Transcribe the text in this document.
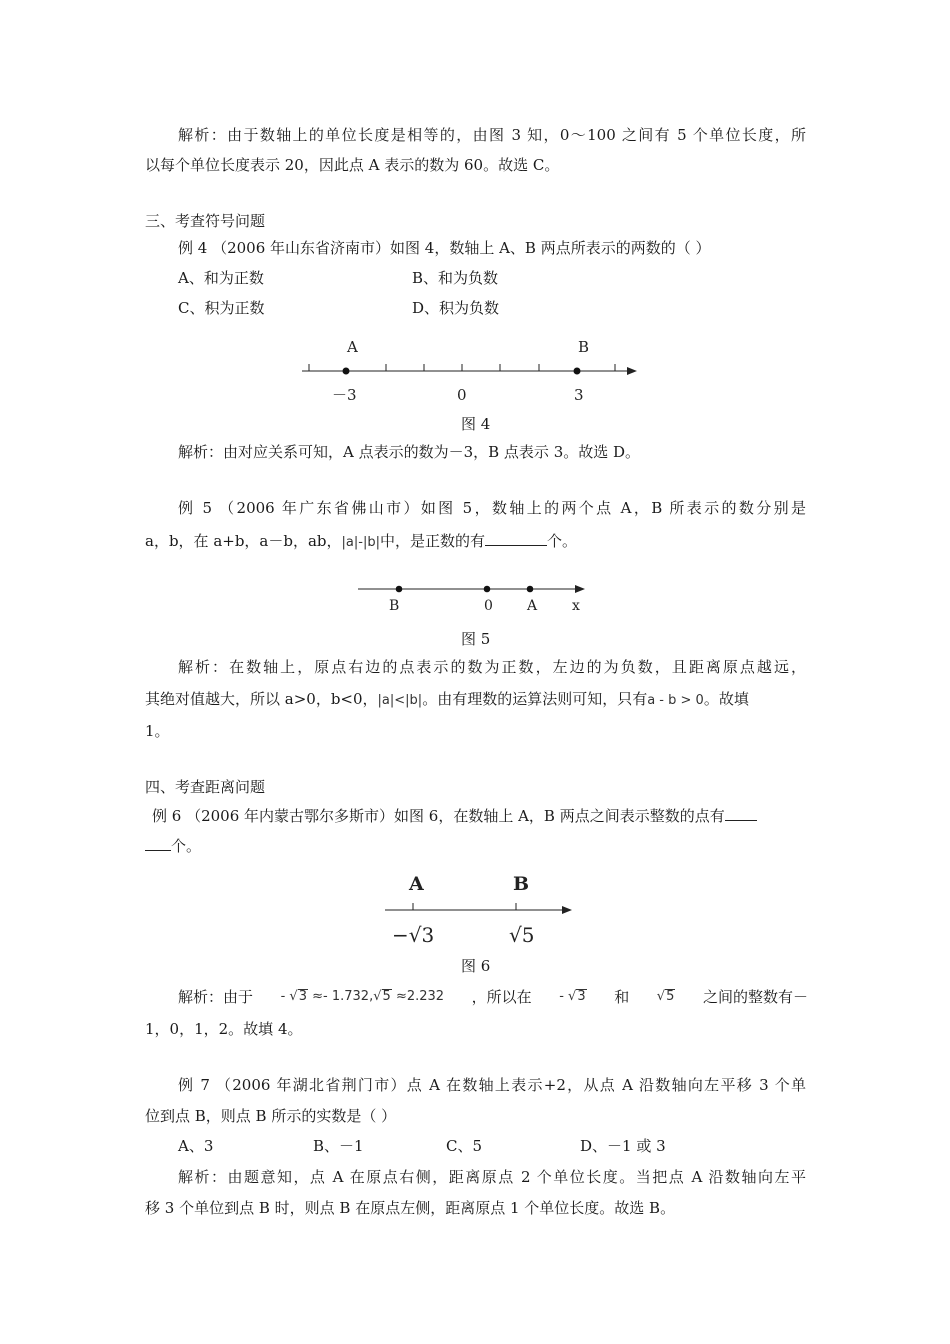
解析：由于数轴上的单位长度是相等的，由图 3 知，0～100 之间有 5 个单位长度，所
以每个单位长度表示 20，因此点 A 表示的数为 60。故选 C。
三、考查符号问题
例 4 （2006 年山东省济南市）如图 4，数轴上 A、B 两点所表示的两数的（ ）
A、和为正数	B、和为负数
C、积为正数	D、积为负数
A	B
－3	0	3
B	0 A x
A	B
−√3	√5
图 4
解析：由对应关系可知，A 点表示的数为－3，B 点表示 3。故选 D。
例 5 （2006 年广东省佛山市）如图 5，数轴上的两个点 A，B 所表示的数分别是
a，b，在 a+b，a－b，ab，|a|-|b|中，是正数的有	个。
图 5
解析：在数轴上，原点右边的点表示的数为正数，左边的为负数，且距离原点越远，
其绝对值越大，所以 a>0，b<0，|a|<|b|。由有理数的运算法则可知，只有a - b > 0。故填
1。
四、考查距离问题
例 6 （2006 年内蒙古鄂尔多斯市）如图 6，在数轴上 A，B 两点之间表示整数的点有
个。
图 6
解析：由于 - √3 ≈- 1.732,√5 ≈2.232 ，所以在 - √3 和 √5 之间的整数有－
1，0，1，2。故填 4。
例 7 （2006 年湖北省荆门市）点 A 在数轴上表示+2，从点 A 沿数轴向左平移 3 个单
位到点 B，则点 B 所示的实数是（ ）
A、3	B、－1	C、5	D、－1 或 3
解析：由题意知，点 A 在原点右侧，距离原点 2 个单位长度。当把点 A 沿数轴向左平
移 3 个单位到点 B 时，则点 B 在原点左侧，距离原点 1 个单位长度。故选 B。
